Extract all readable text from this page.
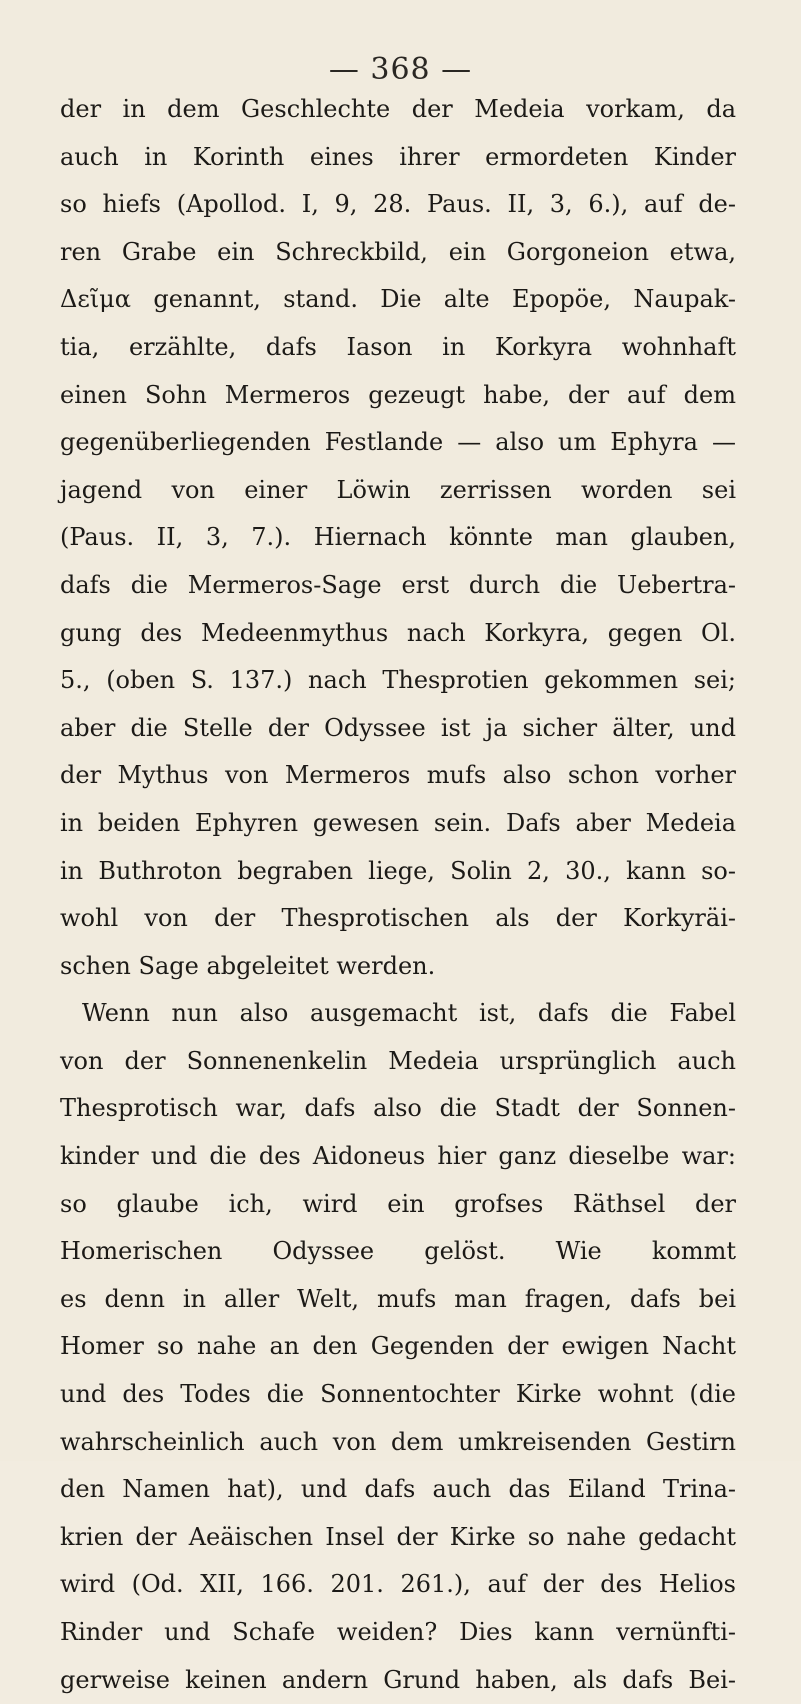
— 368 —
der in dem Geschlechte der Medeia vorkam, da
auch in Korinth eines ihrer ermordeten Kinder
so hiefs (Apollod. I, 9, 28. Paus. II, 3, 6.), auf de-
ren Grabe ein Schreckbild, ein Gorgoneion etwa,
Δεῖμα genannt, stand. Die alte Epopöe, Naupak-
tia, erzählte, dafs Iason in Korkyra wohnhaft
einen Sohn Mermeros gezeugt habe, der auf dem
gegenüberliegenden Festlande — also um Ephyra —
jagend von einer Löwin zerrissen worden sei
(Paus. II, 3, 7.). Hiernach könnte man glauben,
dafs die Mermeros-Sage erst durch die Uebertra-
gung des Medeenmythus nach Korkyra, gegen Ol.
5., (oben S. 137.) nach Thesprotien gekommen sei;
aber die Stelle der Odyssee ist ja sicher älter, und
der Mythus von Mermeros mufs also schon vorher
in beiden Ephyren gewesen sein. Dafs aber Medeia
in Buthroton begraben liege, Solin 2, 30., kann so-
wohl von der Thesprotischen als der Korkyräi-
schen Sage abgeleitet werden.
Wenn nun also ausgemacht ist, dafs die Fabel
von der Sonnenenkelin Medeia ursprünglich auch
Thesprotisch war, dafs also die Stadt der Sonnen-
kinder und die des Aidoneus hier ganz dieselbe war:
so glaube ich, wird ein grofses Räthsel der
Homerischen Odyssee gelöst. Wie kommt
es denn in aller Welt, mufs man fragen, dafs bei
Homer so nahe an den Gegenden der ewigen Nacht
und des Todes die Sonnentochter Kirke wohnt (die
wahrscheinlich auch von dem umkreisenden Gestirn
den Namen hat), und dafs auch das Eiland Trina-
krien der Aeäischen Insel der Kirke so nahe gedacht
wird (Od. XII, 166. 201. 261.), auf der des Helios
Rinder und Schafe weiden? Dies kann vernünfti-
gerweise keinen andern Grund haben, als dafs Bei-
